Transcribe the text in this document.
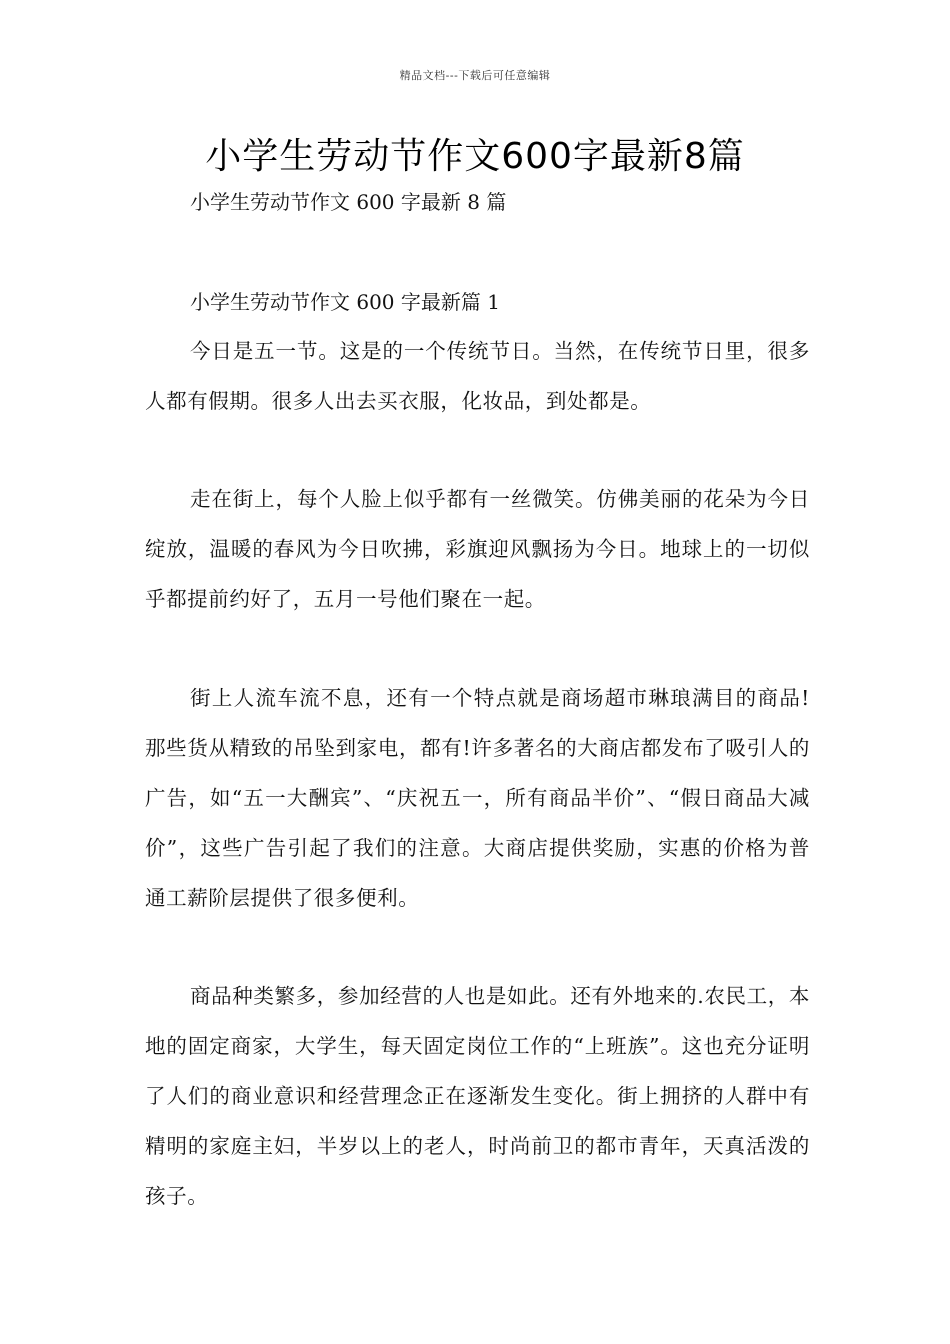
精品文档---下载后可任意编辑
小学生劳动节作文600字最新8篇

小学生劳动节作文 600 字最新 8 篇

小学生劳动节作文 600 字最新篇 1

今日是五一节。这是的一个传统节日。当然，在传统节日里，很多人都有假期。很多人出去买衣服，化妆品，到处都是。

走在街上，每个人脸上似乎都有一丝微笑。仿佛美丽的花朵为今日绽放，温暖的春风为今日吹拂，彩旗迎风飘扬为今日。地球上的一切似乎都提前约好了，五月一号他们聚在一起。

街上人流车流不息，还有一个特点就是商场超市琳琅满目的商品!那些货从精致的吊坠到家电，都有!许多著名的大商店都发布了吸引人的广告，如“五一大酬宾”、“庆祝五一，所有商品半价”、“假日商品大减价”，这些广告引起了我们的注意。大商店提供奖励，实惠的价格为普通工薪阶层提供了很多便利。

商品种类繁多，参加经营的人也是如此。还有外地来的.农民工，本地的固定商家，大学生，每天固定岗位工作的“上班族”。这也充分证明了人们的商业意识和经营理念正在逐渐发生变化。街上拥挤的人群中有精明的家庭主妇，半岁以上的老人，时尚前卫的都市青年，天真活泼的孩子。
